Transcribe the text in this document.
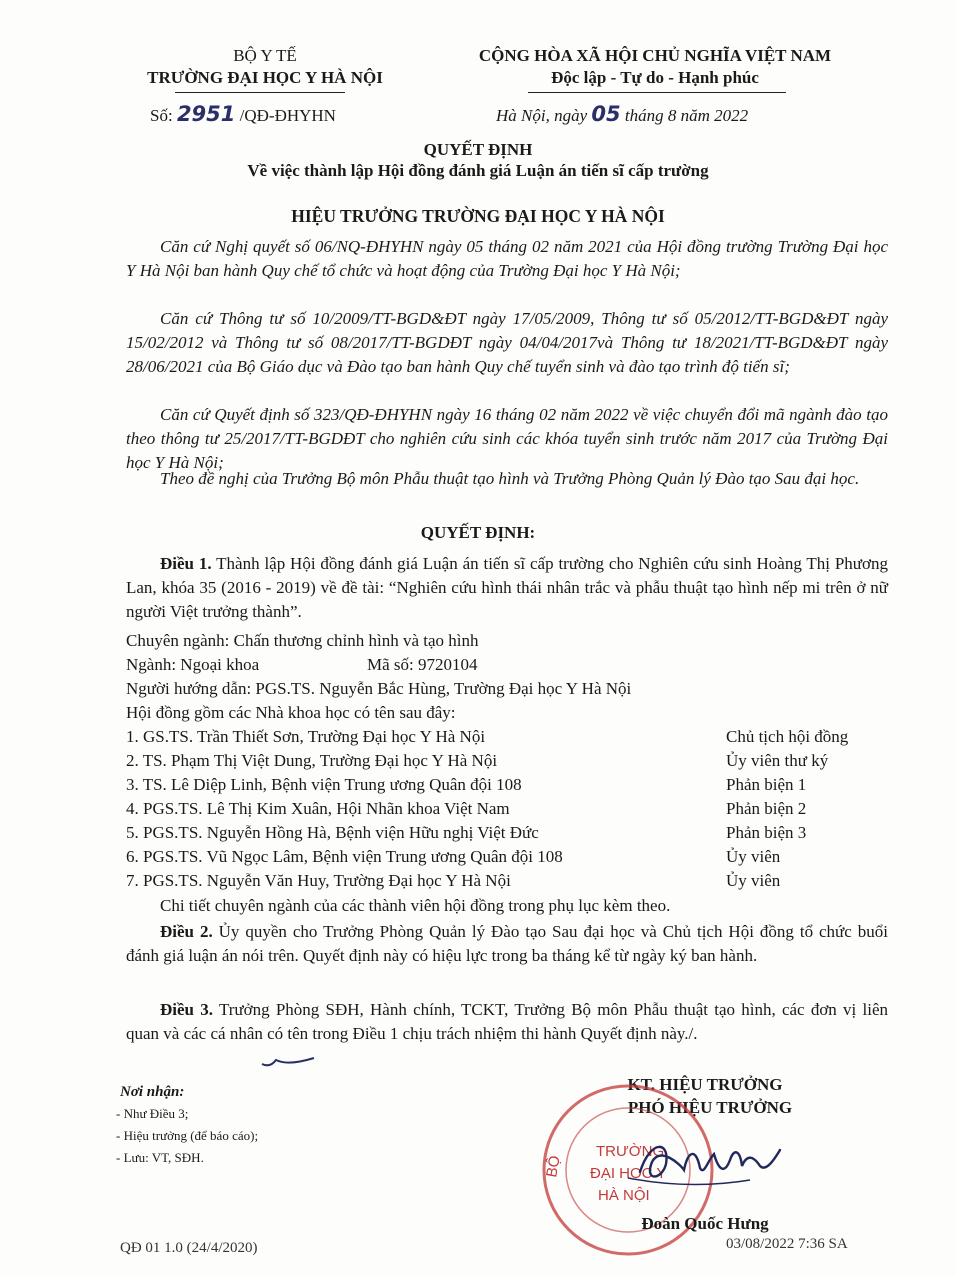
BỘ Y TẾ
TRƯỜNG ĐẠI HỌC Y HÀ NỘI
Số: 2951 /QĐ-ĐHYHN
CỘNG HÒA XÃ HỘI CHỦ NGHĨA VIỆT NAM
Độc lập - Tự do - Hạnh phúc
Hà Nội, ngày 05 tháng 8 năm 2022
QUYẾT ĐỊNH
Về việc thành lập Hội đồng đánh giá Luận án tiến sĩ cấp trường
HIỆU TRƯỞNG TRƯỜNG ĐẠI HỌC Y HÀ NỘI
Căn cứ Nghị quyết số 06/NQ-ĐHYHN ngày 05 tháng 02 năm 2021 của Hội đồng trường Trường Đại học Y Hà Nội ban hành Quy chế tổ chức và hoạt động của Trường Đại học Y Hà Nội;
Căn cứ Thông tư số 10/2009/TT-BGD&ĐT ngày 17/05/2009, Thông tư số 05/2012/TT-BGD&ĐT ngày 15/02/2012 và Thông tư số 08/2017/TT-BGDĐT ngày 04/04/2017và Thông tư 18/2021/TT-BGD&ĐT ngày 28/06/2021 của Bộ Giáo dục và Đào tạo ban hành Quy chế tuyển sinh và đào tạo trình độ tiến sĩ;
Căn cứ Quyết định số 323/QĐ-ĐHYHN ngày 16 tháng 02 năm 2022 về việc chuyển đổi mã ngành đào tạo theo thông tư 25/2017/TT-BGDĐT cho nghiên cứu sinh các khóa tuyển sinh trước năm 2017 của Trường Đại học Y Hà Nội;
Theo đề nghị của Trưởng Bộ môn Phẫu thuật tạo hình và Trưởng Phòng Quản lý Đào tạo Sau đại học.
QUYẾT ĐỊNH:
Điều 1. Thành lập Hội đồng đánh giá Luận án tiến sĩ cấp trường cho Nghiên cứu sinh Hoàng Thị Phương Lan, khóa 35 (2016 - 2019) về đề tài: “Nghiên cứu hình thái nhân trắc và phẫu thuật tạo hình nếp mi trên ở nữ người Việt trưởng thành”.
Chuyên ngành: Chấn thương chỉnh hình và tạo hình
Ngành: Ngoại khoa	Mã số: 9720104
Người hướng dẫn: PGS.TS. Nguyễn Bắc Hùng, Trường Đại học Y Hà Nội
Hội đồng gồm các Nhà khoa học có tên sau đây:
1. GS.TS. Trần Thiết Sơn, Trường Đại học Y Hà Nội	Chủ tịch hội đồng
2. TS. Phạm Thị Việt Dung, Trường Đại học Y Hà Nội	Ủy viên thư ký
3. TS. Lê Diệp Linh, Bệnh viện Trung ương Quân đội 108	Phản biện 1
4. PGS.TS. Lê Thị Kim Xuân, Hội Nhãn khoa Việt Nam	Phản biện 2
5. PGS.TS. Nguyễn Hồng Hà, Bệnh viện Hữu nghị Việt Đức	Phản biện 3
6. PGS.TS. Vũ Ngọc Lâm, Bệnh viện Trung ương Quân đội 108	Ủy viên
7. PGS.TS. Nguyễn Văn Huy, Trường Đại học Y Hà Nội	Ủy viên
Chi tiết chuyên ngành của các thành viên hội đồng trong phụ lục kèm theo.
Điều 2. Ủy quyền cho Trưởng Phòng Quản lý Đào tạo Sau đại học và Chủ tịch Hội đồng tổ chức buổi đánh giá luận án nói trên. Quyết định này có hiệu lực trong ba tháng kể từ ngày ký ban hành.
Điều 3. Trưởng Phòng SĐH, Hành chính, TCKT, Trưởng Bộ môn Phẫu thuật tạo hình, các đơn vị liên quan và các cá nhân có tên trong Điều 1 chịu trách nhiệm thi hành Quyết định này./.
Nơi nhận:
- Như Điều 3;
- Hiệu trưởng (để báo cáo);
- Lưu: VT, SĐH.
KT. HIỆU TRƯỞNG
PHÓ HIỆU TRƯỞNG
TRƯỜNG
ĐẠI HỌC Y
HÀ NỘI
BỘ
Đoàn Quốc Hưng
QĐ 01 1.0 (24/4/2020)	03/08/2022 7:36 SA
